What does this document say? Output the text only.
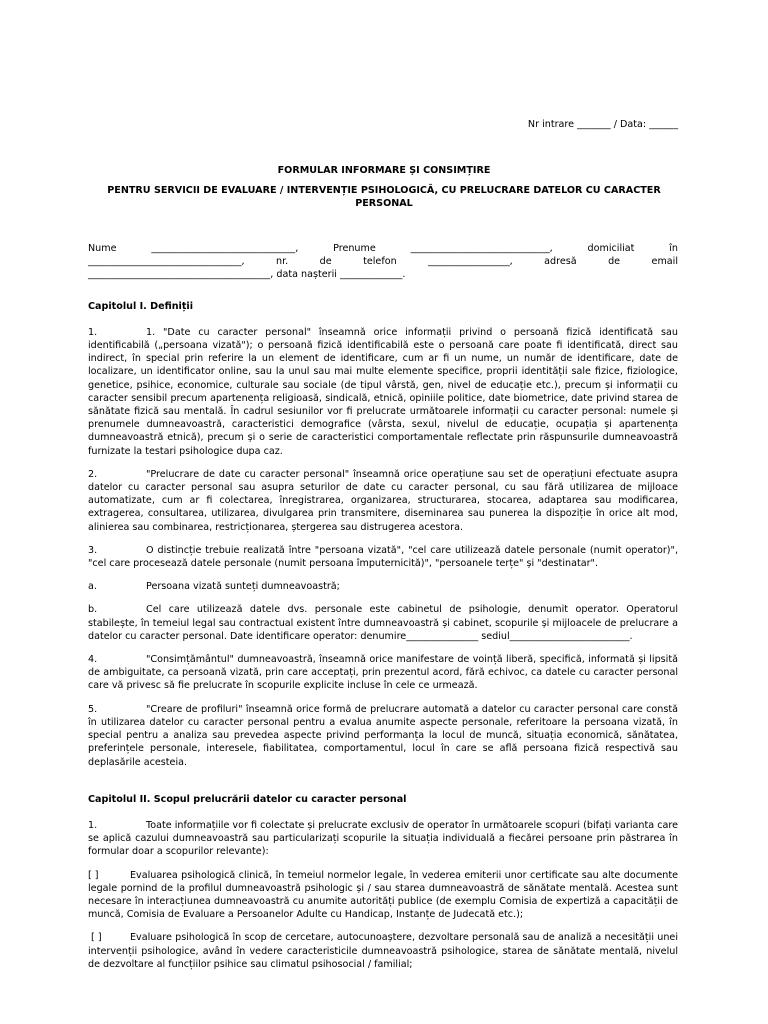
Nr intrare _______ / Data: ______
FORMULAR INFORMARE ȘI CONSIMȚIRE
PENTRU SERVICII DE EVALUARE / INTERVENȚIE PSIHOLOGICĂ, CU PRELUCRARE DATELOR CU CARACTER PERSONAL

Nume ______________________________, Prenume _____________________________, domiciliat în
________________________________, nr. de telefon _________________, adresă de email
______________________________________, data nașterii _____________.

Capitolul I. Definiții

1.	1. "Date cu caracter personal" înseamnă orice informații privind o persoană fizică identificată sau identificabilă („persoana vizată"); o persoană fizică identificabilă este o persoană care poate fi identificată, direct sau indirect, în special prin referire la un element de identificare, cum ar fi un nume, un număr de identificare, date de localizare, un identificator online, sau la unul sau mai multe elemente specifice, proprii identității sale fizice, fiziologice, genetice, psihice, economice, culturale sau sociale (de tipul vârstă, gen, nivel de educație etc.), precum și informații cu caracter sensibil precum apartenența religioasă, sindicală, etnică, opiniile politice, date biometrice, date privind starea de sănătate fizică sau mentală. În cadrul sesiunilor vor fi prelucrate următoarele informații cu caracter personal: numele și prenumele dumneavoastră, caracteristici demografice (vârsta, sexul, nivelul de educație, ocupația și apartenența dumneavoastră etnică), precum și o serie de caracteristici comportamentale reflectate prin răspunsurile dumneavoastră furnizate la testari psihologice dupa caz.

2.	"Prelucrare de date cu caracter personal" înseamnă orice operațiune sau set de operațiuni efectuate asupra datelor cu caracter personal sau asupra seturilor de date cu caracter personal, cu sau fără utilizarea de mijloace automatizate, cum ar fi colectarea, înregistrarea, organizarea, structurarea, stocarea, adaptarea sau modificarea, extragerea, consultarea, utilizarea, divulgarea prin transmitere, diseminarea sau punerea la dispoziție în orice alt mod, alinierea sau combinarea, restricționarea, ștergerea sau distrugerea acestora.

3.	O distincție trebuie realizată între "persoana vizată", "cel care utilizează datele personale (numit operator)", "cel care procesează datele personale (numit persoana împuternicită)", "persoanele terțe" și "destinatar".

a.	Persoana vizată sunteți dumneavoastră;

b.	Cel care utilizează datele dvs. personale este cabinetul de psihologie, denumit operator. Operatorul stabilește, în temeiul legal sau contractual existent între dumneavoastră și cabinet, scopurile și mijloacele de prelucrare a datelor cu caracter personal. Date identificare operator: denumire_______________ sediul_________________________.

4.	"Consimțământul" dumneavoastră, înseamnă orice manifestare de voință liberă, specifică, informată și lipsită de ambiguitate, ca persoană vizată, prin care acceptați, prin prezentul acord, fără echivoc, ca datele cu caracter personal care vă privesc să fie prelucrate în scopurile explicite incluse în cele ce urmează.

5.	"Creare de profiluri" înseamnă orice formă de prelucrare automată a datelor cu caracter personal care constă în utilizarea datelor cu caracter personal pentru a evalua anumite aspecte personale, referitoare la persoana vizată, în special pentru a analiza sau prevedea aspecte privind performanța la locul de muncă, situația economică, sănătatea, preferințele personale, interesele, fiabilitatea, comportamentul, locul în care se află persoana fizică respectivă sau deplasările acesteia.

Capitolul II. Scopul prelucrării datelor cu caracter personal

1.	Toate informațiile vor fi colectate și prelucrate exclusiv de operator în următoarele scopuri (bifați varianta care se aplică cazului dumneavoastră sau particularizați scopurile la situația individuală a fiecărei persoane prin păstrarea în formular doar a scopurilor relevante):

[ ]	Evaluarea psihologică clinică, în temeiul normelor legale, în vederea emiterii unor certificate sau alte documente legale pornind de la profilul dumneavoastră psihologic și / sau starea dumneavoastră de sănătate mentală. Acestea sunt necesare în interacțiunea dumneavoastră cu anumite autorități publice (de exemplu Comisia de expertiză a capacității de muncă, Comisia de Evaluare a Persoanelor Adulte cu Handicap, Instanțe de Judecată etc.);

[ ]	Evaluare psihologică în scop de cercetare, autocunoaștere, dezvoltare personală sau de analiză a necesității unei intervenții psihologice, având în vedere caracteristicile dumneavoastră psihologice, starea de sănătate mentală, nivelul de dezvoltare al funcțiilor psihice sau climatul psihosocial / familial;
